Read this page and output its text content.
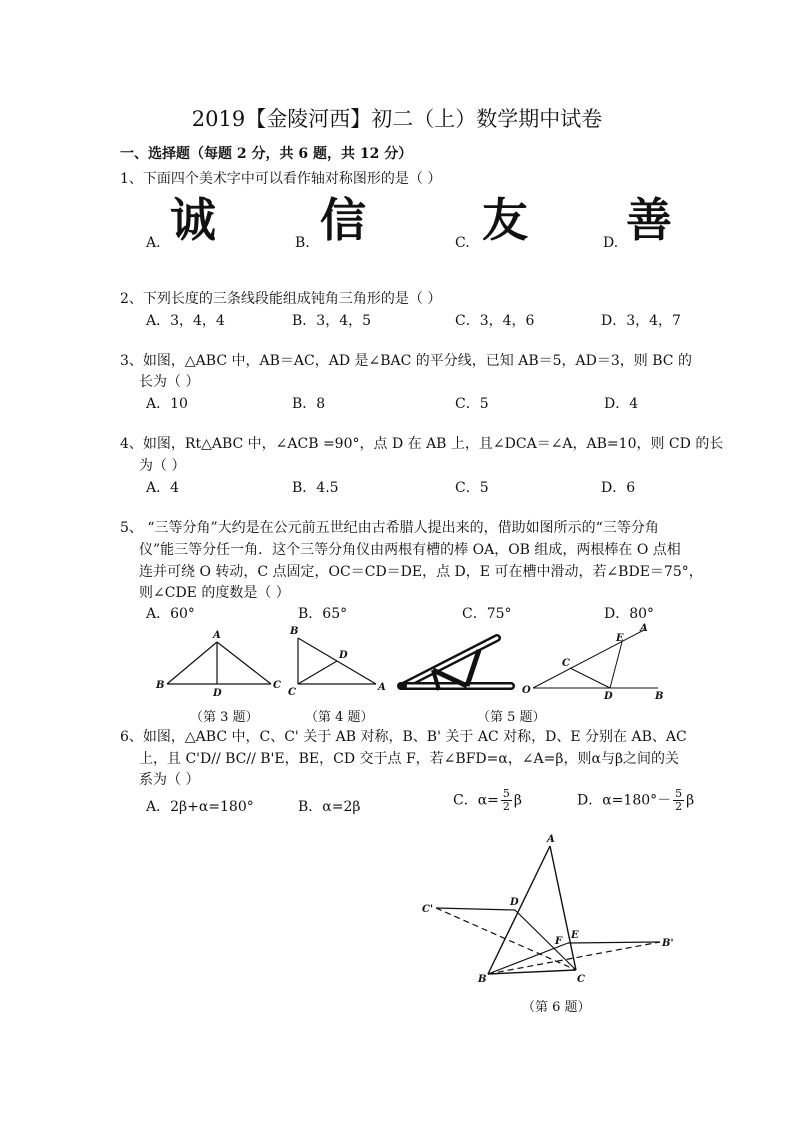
2019【金陵河西】初二（上）数学期中试卷
一、选择题（每题 2 分，共 6 题，共 12 分）
1、下面四个美术字中可以看作轴对称图形的是（ ）
A. 诚	B. 信	C. 友	D. 善
2、下列长度的三条线段能组成钝角三角形的是（ ）
A．3，4，4	B．3，4，5	C．3，4，6	D．3，4，7
3、如图，△ABC 中，AB＝AC，AD 是∠BAC 的平分线，已知 AB＝5，AD＝3，则 BC 的
长为（ ）
A．10	B．8	C．5	D．4
4、如图，Rt△ABC 中，∠ACB =90°，点 D 在 AB 上，且∠DCA＝∠A，AB=10，则 CD 的长
为（ ）
A．4	B．4.5	C．5	D．6
5、 “三等分角”大约是在公元前五世纪由古希腊人提出来的，借助如图所示的“三等分角
仪”能三等分任一角．这个三等分角仪由两根有槽的棒 OA，OB 组成，两根棒在 O 点相
连并可绕 O 转动，C 点固定，OC＝CD＝DE，点 D，E 可在槽中滑动，若∠BDE＝75°，
则∠CDE 的度数是（ ）
A．60°	B．65°	C．75°	D．80°
A
B
D
C
B
D
C	A
A
E
C
O
D	B
（第 3 题）	（第 4 题）	（第 5 题）
6、如图，△ABC 中，C、C' 关于 AB 对称，B、B' 关于 AC 对称，D、E 分别在 AB、AC
上，且 C'D// BC// B'E，BE，CD 交于点 F，若∠BFD=α，∠A=β，则α与β之间的关
系为（ ）
A．2β+α=180°	B．α=2β	C．$\alpha= \frac{5}{2}$ β	D．$\alpha=180^\circ- \frac{5}{2}$ β
A
C'
D
F
E
B'
B	C
（第 6 题）
